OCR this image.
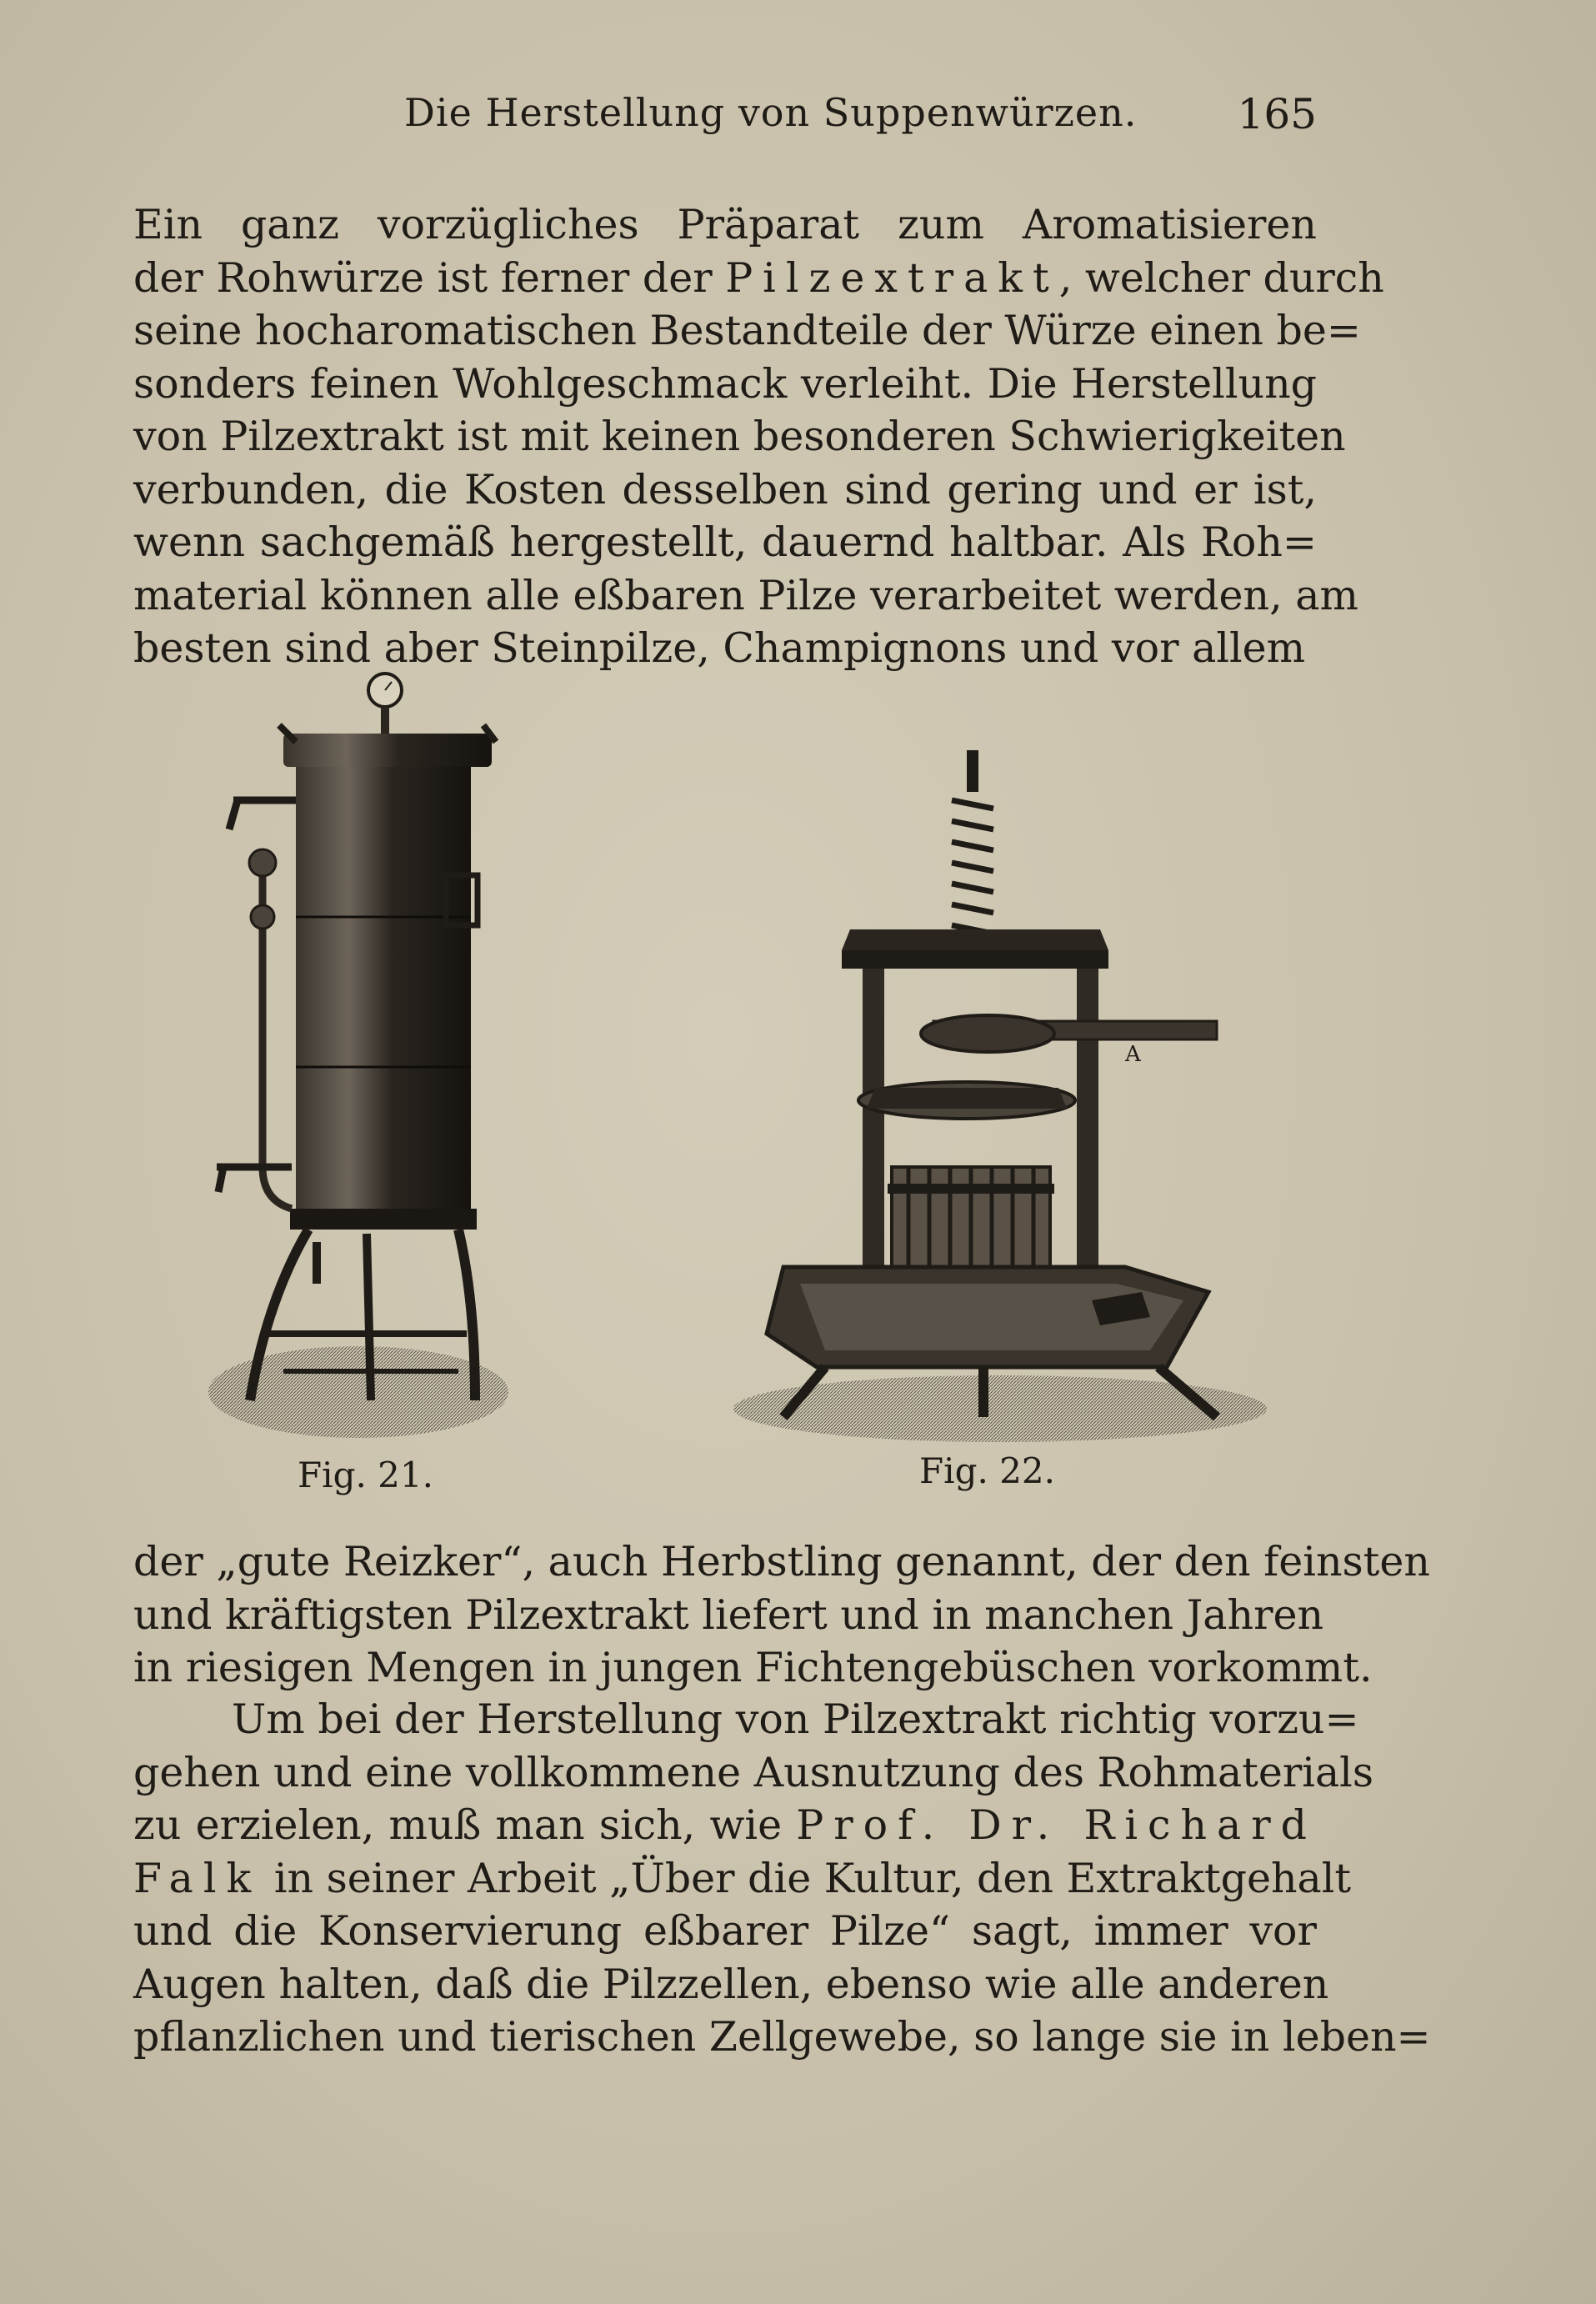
Die Herstellung von Suppenwürzen. 165
Ein ganz vorzügliches Präparat zum Aromatisieren
der Rohwürze ist ferner der Pilzextrakt, welcher durch
seine hocharomatischen Bestandteile der Würze einen be=
sonders feinen Wohlgeschmack verleiht. Die Herstellung
von Pilzextrakt ist mit keinen besonderen Schwierigkeiten
verbunden, die Kosten desselben sind gering und er ist,
wenn sachgemäß hergestellt, dauernd haltbar. Als Roh=
material können alle eßbaren Pilze verarbeitet werden, am
besten sind aber Steinpilze, Champignons und vor allem
A
Fig. 21.	Fig. 22.
der „gute Reizker“, auch Herbstling genannt, der den feinsten
und kräftigsten Pilzextrakt liefert und in manchen Jahren
in riesigen Mengen in jungen Fichtengebüschen vorkommt.
Um bei der Herstellung von Pilzextrakt richtig vorzu=
gehen und eine vollkommene Ausnutzung des Rohmaterials
zu erzielen, muß man sich, wie Prof. Dr. Richard
Falk in seiner Arbeit „Über die Kultur, den Extraktgehalt
und die Konservierung eßbarer Pilze“ sagt, immer vor
Augen halten, daß die Pilzzellen, ebenso wie alle anderen
pflanzlichen und tierischen Zellgewebe, so lange sie in leben=
